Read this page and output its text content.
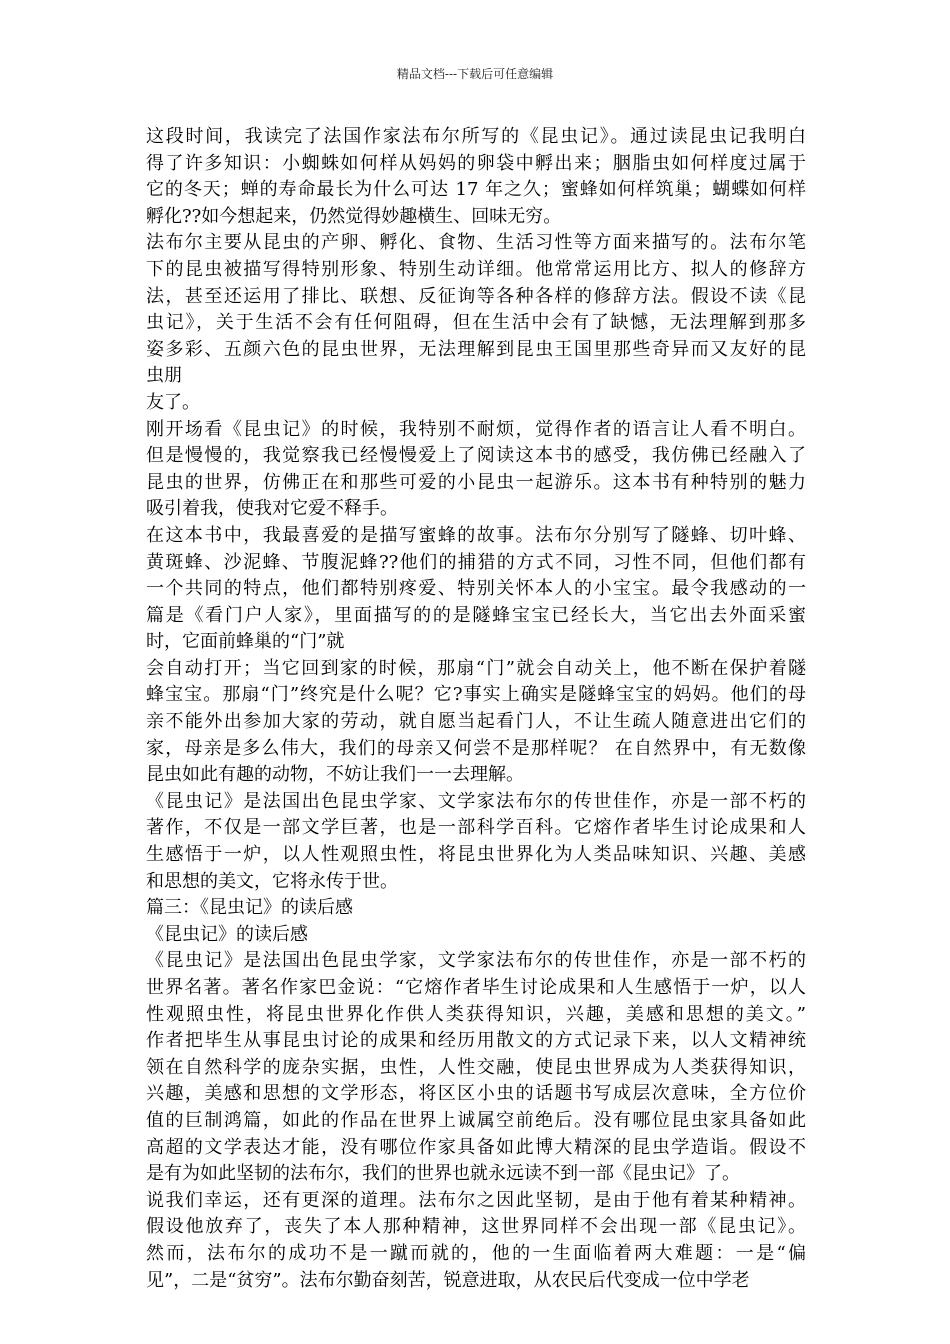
精品文档---下载后可任意编辑

这段时间，我读完了法国作家法布尔所写的《昆虫记》。通过读昆虫记我明白
得了许多知识：小蜘蛛如何样从妈妈的卵袋中孵出来；胭脂虫如何样度过属于
它的冬天；蝉的寿命最长为什么可达 17 年之久；蜜蜂如何样筑巢；蝴蝶如何样
孵化??如今想起来，仍然觉得妙趣横生、回味无穷。

法布尔主要从昆虫的产卵、孵化、食物、生活习性等方面来描写的。法布尔笔
下的昆虫被描写得特别形象、特别生动详细。他常常运用比方、拟人的修辞方
法，甚至还运用了排比、联想、反征询等各种各样的修辞方法。假设不读《昆
虫记》，关于生活不会有任何阻碍，但在生活中会有了缺憾，无法理解到那多
姿多彩、五颜六色的昆虫世界，无法理解到昆虫王国里那些奇异而又友好的昆
虫朋

友了。

刚开场看《昆虫记》的时候，我特别不耐烦，觉得作者的语言让人看不明白。
但是慢慢的，我觉察我已经慢慢爱上了阅读这本书的感受，我仿佛已经融入了
昆虫的世界，仿佛正在和那些可爱的小昆虫一起游乐。这本书有种特别的魅力
吸引着我，使我对它爱不释手。

在这本书中，我最喜爱的是描写蜜蜂的故事。法布尔分别写了隧蜂、切叶蜂、
黄斑蜂、沙泥蜂、节腹泥蜂??他们的捕猎的方式不同，习性不同，但他们都有
一个共同的特点，他们都特别疼爱、特别关怀本人的小宝宝。最令我感动的一
篇是《看门户人家》，里面描写的的是隧蜂宝宝已经长大，当它出去外面采蜜
时，它面前蜂巢的“门”就

会自动打开；当它回到家的时候，那扇“门”就会自动关上，他不断在保护着隧
蜂宝宝。那扇“门”终究是什么呢？它?事实上确实是隧蜂宝宝的妈妈。他们的母
亲不能外出参加大家的劳动，就自愿当起看门人，不让生疏人随意进出它们的
家，母亲是多么伟大，我们的母亲又何尝不是那样呢？ 在自然界中，有无数像
昆虫如此有趣的动物，不妨让我们一一去理解。

《昆虫记》是法国出色昆虫学家、文学家法布尔的传世佳作，亦是一部不朽的
著作，不仅是一部文学巨著，也是一部科学百科。它熔作者毕生讨论成果和人
生感悟于一炉，以人性观照虫性，将昆虫世界化为人类品味知识、兴趣、美感
和思想的美文，它将永传于世。

篇三：《昆虫记》的读后感

《昆虫记》的读后感

《昆虫记》是法国出色昆虫学家，文学家法布尔的传世佳作，亦是一部不朽的
世界名著。著名作家巴金说：“它熔作者毕生讨论成果和人生感悟于一炉，以人
性观照虫性，将昆虫世界化作供人类获得知识，兴趣，美感和思想的美文。”
作者把毕生从事昆虫讨论的成果和经历用散文的方式记录下来，以人文精神统
领在自然科学的庞杂实据，虫性，人性交融，使昆虫世界成为人类获得知识，
兴趣，美感和思想的文学形态，将区区小虫的话题书写成层次意味，全方位价
值的巨制鸿篇，如此的作品在世界上诚属空前绝后。没有哪位昆虫家具备如此
高超的文学表达才能，没有哪位作家具备如此博大精深的昆虫学造诣。假设不
是有为如此坚韧的法布尔，我们的世界也就永远读不到一部《昆虫记》了。

说我们幸运，还有更深的道理。法布尔之因此坚韧，是由于他有着某种精神。
假设他放弃了，丧失了本人那种精神，这世界同样不会出现一部《昆虫记》。
然而，法布尔的成功不是一蹴而就的，他的一生面临着两大难题：一是“偏
见”，二是“贫穷”。法布尔勤奋刻苦，锐意进取，从农民后代变成一位中学老
